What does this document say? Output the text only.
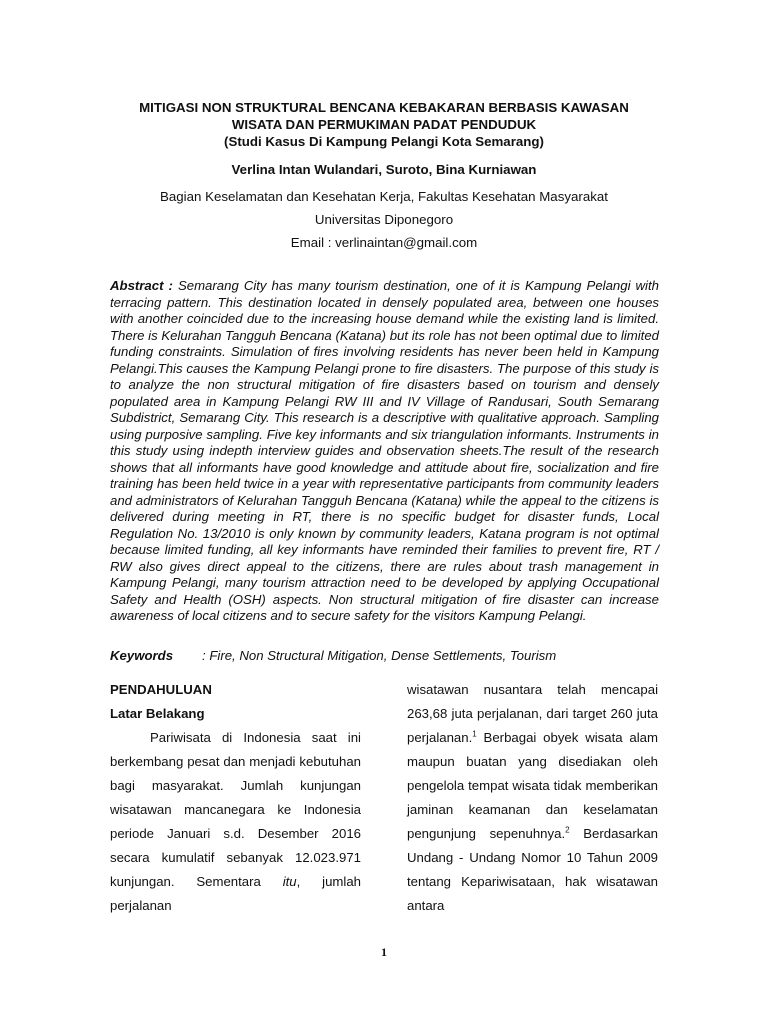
MITIGASI NON STRUKTURAL BENCANA KEBAKARAN BERBASIS KAWASAN
WISATA DAN PERMUKIMAN PADAT PENDUDUK
(Studi Kasus Di Kampung Pelangi Kota Semarang)

Verlina Intan Wulandari, Suroto, Bina Kurniawan

Bagian Keselamatan dan Kesehatan Kerja, Fakultas Kesehatan Masyarakat
Universitas Diponegoro
Email : verlinaintan@gmail.com

Abstract : Semarang City has many tourism destination, one of it is Kampung Pelangi with terracing pattern. This destination located in densely populated area, between one houses with another coincided due to the increasing house demand while the existing land is limited. There is Kelurahan Tangguh Bencana (Katana) but its role has not been optimal due to limited funding constraints. Simulation of fires involving residents has never been held in Kampung Pelangi.This causes the Kampung Pelangi prone to fire disasters. The purpose of this study is to analyze the non structural mitigation of fire disasters based on tourism and densely populated area in Kampung Pelangi RW III and IV Village of Randusari, South Semarang Subdistrict, Semarang City. This research is a descriptive with qualitative approach. Sampling using purposive sampling. Five key informants and six triangulation informants. Instruments in this study using indepth interview guides and observation sheets.The result of the research shows that all informants have good knowledge and attitude about fire, socialization and fire training has been held twice in a year with representative participants from community leaders and administrators of Kelurahan Tangguh Bencana (Katana) while the appeal to the citizens is delivered during meeting in RT, there is no specific budget for disaster funds, Local Regulation No. 13/2010 is only known by community leaders, Katana program is not optimal because limited funding, all key informants have reminded their families to prevent fire, RT / RW also gives direct appeal to the citizens, there are rules about trash management in Kampung Pelangi, many tourism attraction need to be developed by applying Occupational Safety and Health (OSH) aspects. Non structural mitigation of fire disaster can increase awareness of local citizens and to secure safety for the visitors Kampung Pelangi.

Keywords : Fire, Non Structural Mitigation, Dense Settlements, Tourism

PENDAHULUAN

Latar Belakang

Pariwisata di Indonesia saat ini berkembang pesat dan menjadi kebutuhan bagi masyarakat. Jumlah kunjungan wisatawan mancanegara ke Indonesia periode Januari s.d. Desember 2016 secara kumulatif sebanyak 12.023.971 kunjungan. Sementara itu, jumlah perjalanan

wisatawan nusantara telah mencapai 263,68 juta perjalanan, dari target 260 juta perjalanan.$^1$ Berbagai obyek wisata alam maupun buatan yang disediakan oleh pengelola tempat wisata tidak memberikan jaminan keamanan dan keselamatan pengunjung sepenuhnya.$^2$ Berdasarkan Undang - Undang Nomor 10 Tahun 2009 tentang Kepariwisataan, hak wisatawan antara

1
